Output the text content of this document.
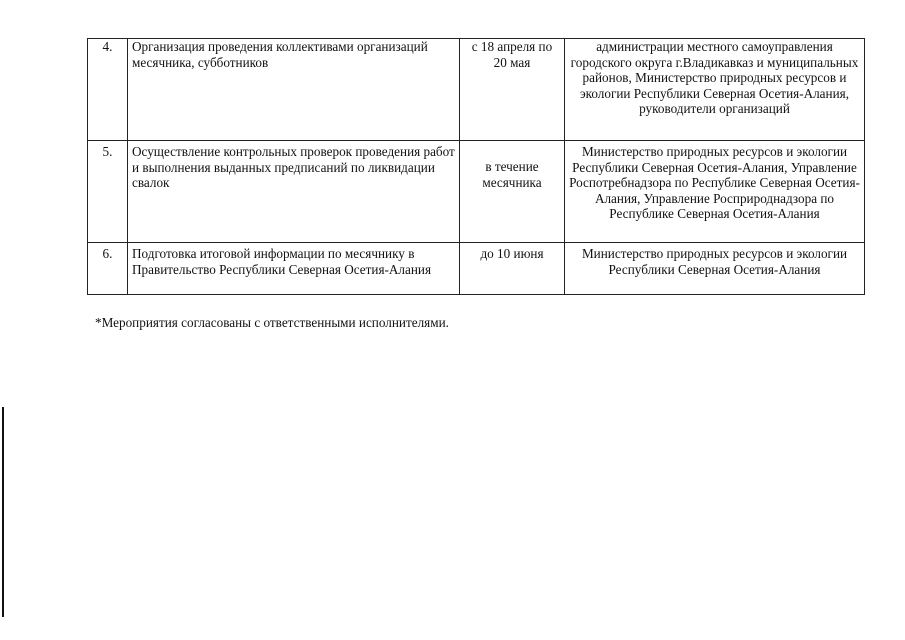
4.	Организация проведения коллективами организаций месячника, субботников	с 18 апреля по 20 мая	администрации местного самоуправления городского округа г.Владикавказ и муниципальных районов, Министерство природных ресурсов и экологии Республики Северная Осетия-Алания, руководители организаций
5.	Осуществление контрольных проверок проведения работ и выполнения выданных предписаний по ликвидации свалок	в течение месячника	Министерство природных ресурсов и экологии Республики Северная Осетия-Алания, Управление Роспотребнадзора по Республике Северная Осетия-Алания, Управление Росприроднадзора по Республике Северная Осетия-Алания
6.	Подготовка итоговой информации по месячнику в Правительство Республики Северная Осетия-Алания	до 10 июня	Министерство природных ресурсов и экологии Республики Северная Осетия-Алания
*Мероприятия согласованы с ответственными исполнителями.
